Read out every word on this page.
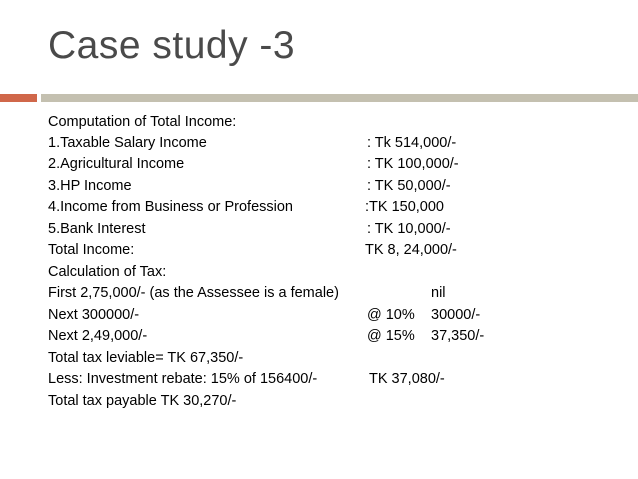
Case study -3
Computation of Total Income:
1.Taxable Salary Income	: Tk 514,000/-
2.Agricultural Income	: TK 100,000/-
3.HP Income	: TK 50,000/-
4.Income from Business or Profession	:TK 150,000
5.Bank Interest	: TK 10,000/-
Total Income:	TK 8, 24,000/-
Calculation of Tax:
First 2,75,000/- (as the Assessee is a female)	nil
Next 300000/-	@ 10% 30000/-
Next 2,49,000/-	@ 15% 37,350/-
Total tax leviable= TK 67,350/-
Less: Investment rebate: 15% of 156400/-	TK 37,080/-
Total tax payable TK 30,270/-
